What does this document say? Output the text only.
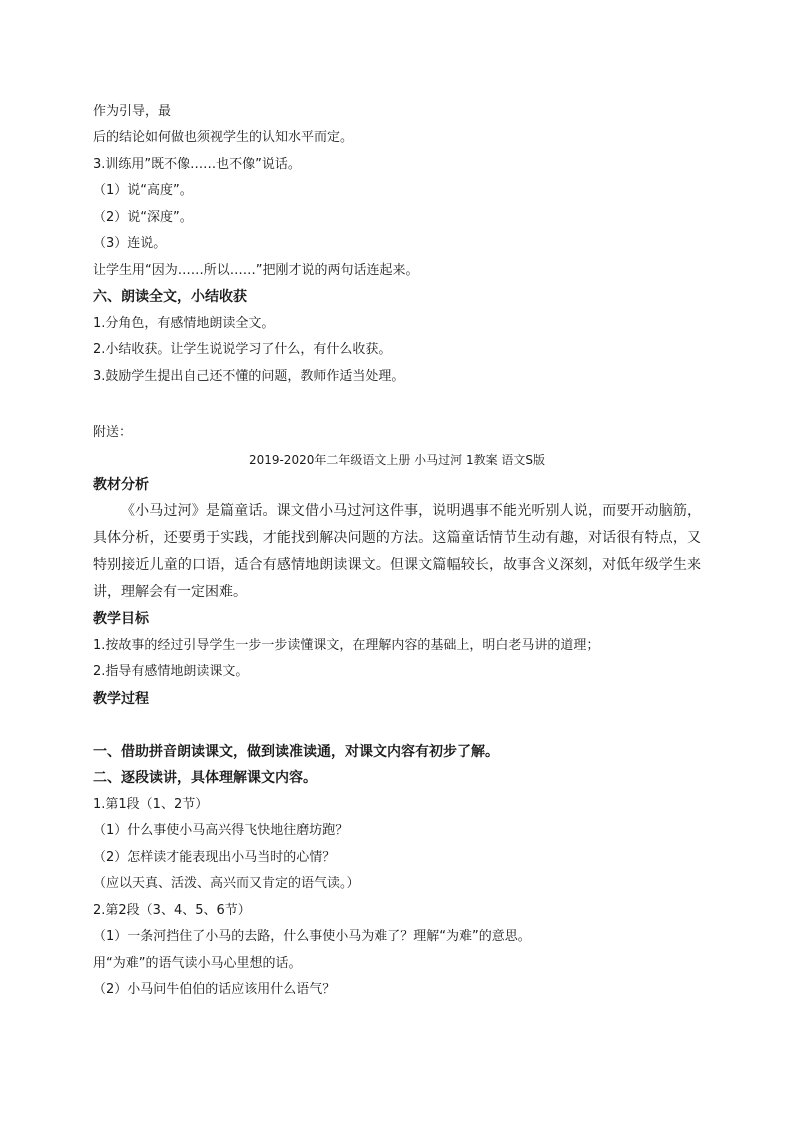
作为引导，最
后的结论如何做也须视学生的认知水平而定。
3.训练用”既不像……也不像”说话。
（1）说“高度”。
（2）说“深度”。
（3）连说。
让学生用“因为……所以……”把刚才说的两句话连起来。
六、朗读全文，小结收获
1.分角色，有感情地朗读全文。
2.小结收获。让学生说说学习了什么，有什么收获。
3.鼓励学生提出自己还不懂的问题，教师作适当处理。
附送：
2019-2020年二年级语文上册 小马过河 1教案 语文S版
教材分析
《小马过河》是篇童话。课文借小马过河这件事，说明遇事不能光听别人说，而要开动脑筋，具体分析，还要勇于实践，才能找到解决问题的方法。这篇童话情节生动有趣，对话很有特点，又特别接近儿童的口语，适合有感情地朗读课文。但课文篇幅较长，故事含义深刻，对低年级学生来讲，理解会有一定困难。
教学目标
1.按故事的经过引导学生一步一步读懂课文，在理解内容的基础上，明白老马讲的道理；
2.指导有感情地朗读课文。
教学过程
一、借助拼音朗读课文，做到读准读通，对课文内容有初步了解。
二、逐段读讲，具体理解课文内容。
1.第1段（1、2节）
（1）什么事使小马高兴得飞快地往磨坊跑？
（2）怎样读才能表现出小马当时的心情？
（应以天真、活泼、高兴而又肯定的语气读。）
2.第2段（3、4、5、6节）
（1）一条河挡住了小马的去路，什么事使小马为难了？理解“为难”的意思。
用“为难”的语气读小马心里想的话。
（2）小马问牛伯伯的话应该用什么语气？
